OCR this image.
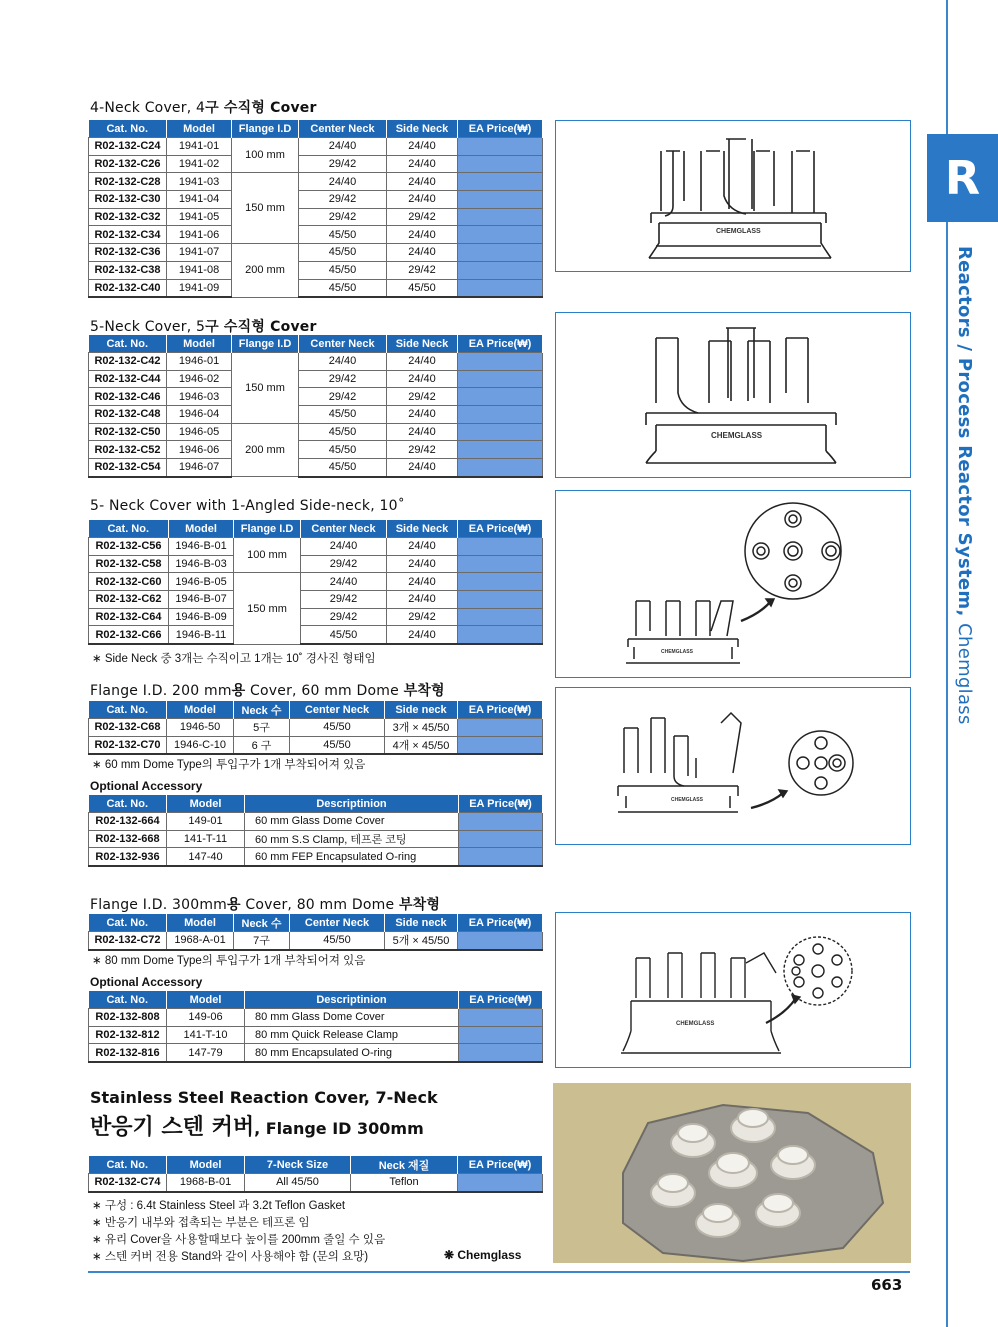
R
Reactors / Process Reactor System, Chemglass
4-Neck Cover, 4구 수직형 Cover
Cat. No.	Model	Flange I.D	Center Neck	Side Neck	EA Price(₩)
R02-132-C24	1941-01	100 mm	24/40	24/40	
R02-132-C26	1941-02		29/42	24/40	
R02-132-C28	1941-03	150 mm	24/40	24/40	
R02-132-C30	1941-04		29/42	24/40	
R02-132-C32	1941-05		29/42	29/42	
R02-132-C34	1941-06		45/50	24/40	
R02-132-C36	1941-07	200 mm	45/50	24/40	
R02-132-C38	1941-08		45/50	29/42	
R02-132-C40	1941-09		45/50	45/50	
CHEMGLASS
5-Neck Cover, 5구 수직형 Cover
Cat. No.	Model	Flange I.D	Center Neck	Side Neck	EA Price(₩)
R02-132-C42	1946-01	150 mm	24/40	24/40	
R02-132-C44	1946-02		29/42	24/40	
R02-132-C46	1946-03		29/42	29/42	
R02-132-C48	1946-04		45/50	24/40	
R02-132-C50	1946-05	200 mm	45/50	24/40	
R02-132-C52	1946-06		45/50	29/42	
R02-132-C54	1946-07		45/50	24/40	
CHEMGLASS
5- Neck Cover with 1-Angled Side-neck, 10˚
Cat. No.	Model	Flange I.D	Center Neck	Side Neck	EA Price(₩)
R02-132-C56	1946-B-01	100 mm	24/40	24/40	
R02-132-C58	1946-B-03		29/42	24/40	
R02-132-C60	1946-B-05	150 mm	24/40	24/40	
R02-132-C62	1946-B-07		29/42	24/40	
R02-132-C64	1946-B-09		29/42	29/42	
R02-132-C66	1946-B-11		45/50	24/40	
∗ Side Neck 중 3개는 수직이고 1개는 10˚ 경사진 형태임
CHEMGLASS
Flange I.D. 200 mm용 Cover, 60 mm Dome 부착형
Cat. No.	Model	Neck 수	Center Neck	Side neck	EA Price(₩)
R02-132-C68	1946-50	5구	45/50	3개 × 45/50	
R02-132-C70	1946-C-10	6 구	45/50	4개 × 45/50	
∗ 60 mm Dome Type의 투입구가 1개 부착되어져 있음
Optional Accessory
Cat. No.	Model	Descriptinion	EA Price(₩)
R02-132-664	149-01	60 mm Glass Dome Cover	
R02-132-668	141-T-11	60 mm S.S Clamp, 테프론 코팅	
R02-132-936	147-40	60 mm FEP Encapsulated O-ring	
CHEMGLASS
Flange I.D. 300mm용 Cover, 80 mm Dome 부착형
Cat. No.	Model	Neck 수	Center Neck	Side neck	EA Price(₩)
R02-132-C72	1968-A-01	7구	45/50	5개 × 45/50	
∗ 80 mm Dome Type의 투입구가 1개 부착되어져 있음
Optional Accessory
Cat. No.	Model	Descriptinion	EA Price(₩)
R02-132-808	149-06	80 mm Glass Dome Cover	
R02-132-812	141-T-10	80 mm Quick Release Clamp	
R02-132-816	147-79	80 mm Encapsulated O-ring	
CHEMGLASS
Stainless Steel Reaction Cover, 7-Neck
반응기 스텐 커버, Flange ID 300mm
Cat. No.	Model	7-Neck Size	Neck 재질	EA Price(₩)
R02-132-C74	1968-B-01	All 45/50	Teflon	
∗ 구성 : 6.4t Stainless Steel 과 3.2t Teflon Gasket
∗ 반응기 내부와 접촉되는 부분은 테프론 임
∗ 유리 Cover을 사용할때보다 높이를 200mm 줄일 수 있음
∗ 스텐 커버 전용 Stand와 같이 사용해야 함 (문의 요망)	❋ Chemglass
663
